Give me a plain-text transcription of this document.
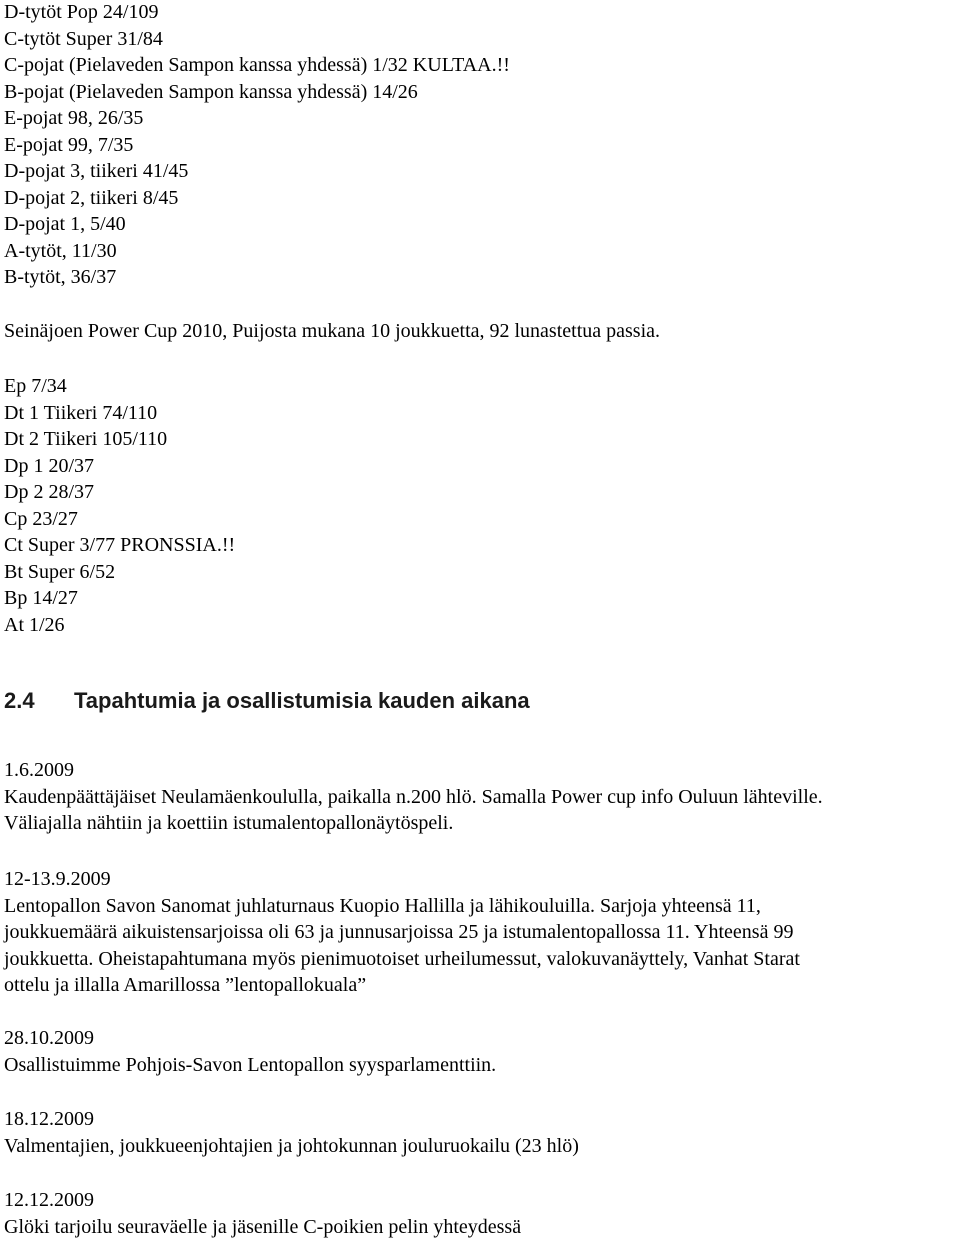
D-tytöt Pop 24/109
C-tytöt Super 31/84
C-pojat (Pielaveden Sampon kanssa yhdessä) 1/32 KULTAA.!!
B-pojat (Pielaveden Sampon kanssa yhdessä) 14/26
E-pojat 98, 26/35
E-pojat 99, 7/35
D-pojat 3, tiikeri 41/45
D-pojat 2, tiikeri 8/45
D-pojat 1, 5/40
A-tytöt, 11/30
B-tytöt, 36/37
Seinäjoen Power Cup 2010, Puijosta mukana 10 joukkuetta, 92 lunastettua passia.
Ep 7/34
Dt 1 Tiikeri 74/110
Dt 2 Tiikeri 105/110
Dp 1 20/37
Dp 2 28/37
Cp 23/27
Ct Super 3/77 PRONSSIA.!!
Bt Super 6/52
Bp 14/27
At 1/26
2.4 Tapahtumia ja osallistumisia kauden aikana
1.6.2009
Kaudenpäättäjäiset Neulamäenkoululla, paikalla n.200 hlö. Samalla Power cup info Ouluun lähteville.
Väliajalla nähtiin ja koettiin istumalentopallonäytöspeli.
12-13.9.2009
Lentopallon Savon Sanomat juhlaturnaus Kuopio Hallilla ja lähikouluilla. Sarjoja yhteensä 11,
joukkuemäärä aikuistensarjoissa oli 63 ja junnusarjoissa 25 ja istumalentopallossa 11. Yhteensä 99
joukkuetta. Oheistapahtumana myös pienimuotoiset urheilumessut, valokuvanäyttely, Vanhat Starat
ottelu ja illalla Amarillossa ”lentopallokuala”
28.10.2009
Osallistuimme Pohjois-Savon Lentopallon syysparlamenttiin.
18.12.2009
Valmentajien, joukkueenjohtajien ja johtokunnan jouluruokailu (23 hlö)
12.12.2009
Glöki tarjoilu seuraväelle ja jäsenille C-poikien pelin yhteydessä
